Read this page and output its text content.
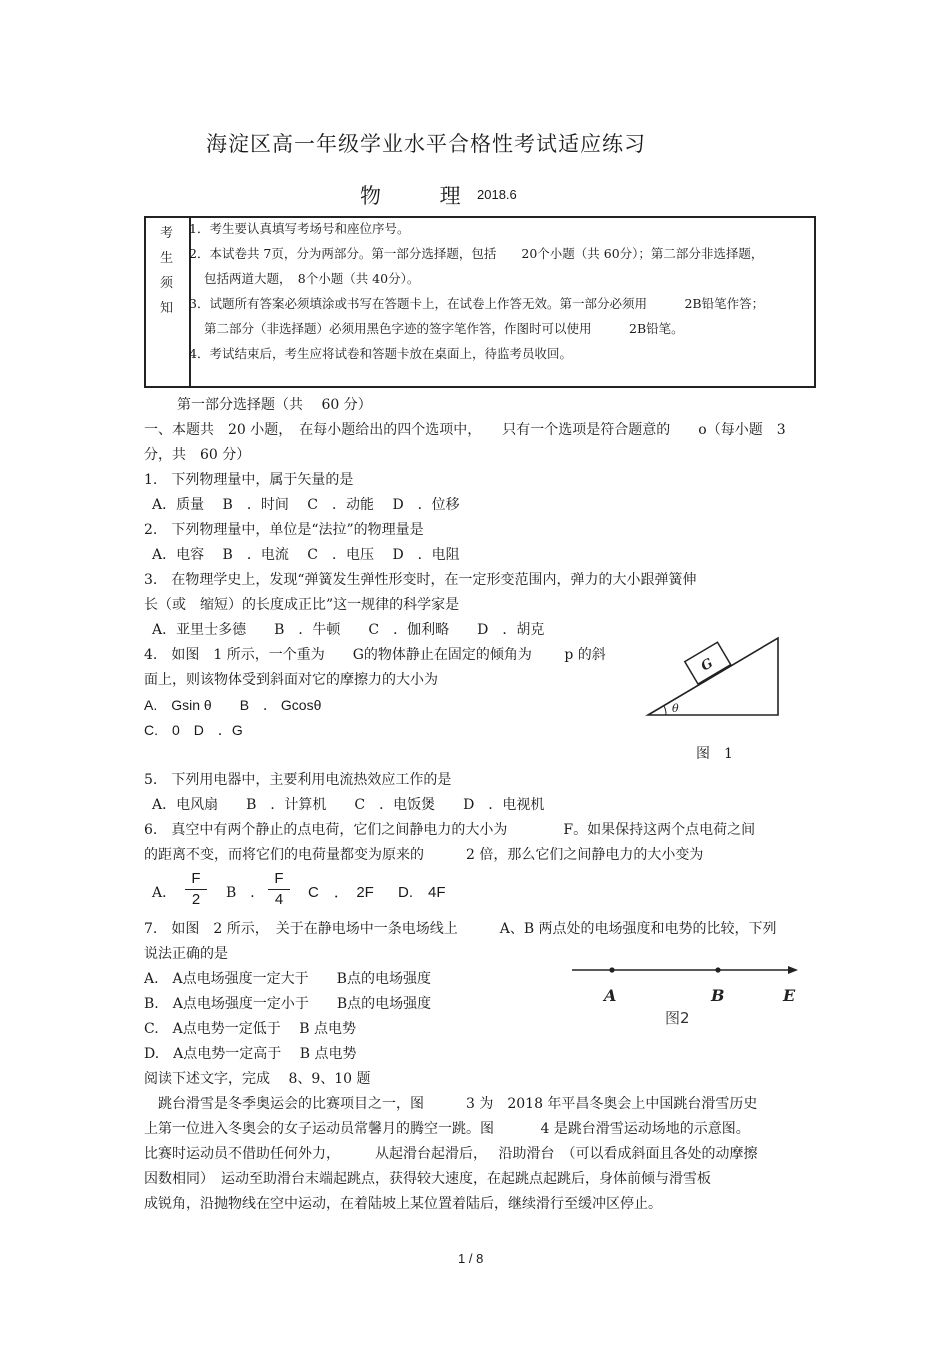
海淀区高一年级学业水平合格性考试适应练习
物 理
2018.6
考
生
须
知
1．考生要认真填写考场号和座位序号。
2．本试卷共 7页，分为两部分。第一部分选择题，包括　　20个小题（共 60分）；第二部分非选择题，
包括两道大题，　8个小题（共 40分）。
3．试题所有答案必须填涂或书写在答题卡上，在试卷上作答无效。第一部分必须用　　　2B铅笔作答；
第二部分（非选择题）必须用黑色字迹的签字笔作答，作图时可以使用　　　2B铅笔。
4．考试结束后，考生应将试卷和答题卡放在桌面上，待监考员收回。
第一部分选择题（共　 60 分）
一、本题共　20 小题，　在每小题给出的四个选项中，　　只有一个选项是符合题意的　　o（每小题　3
分，共　60 分）
1.　下列物理量中，属于矢量的是
A．质量　 B　．时间　 C　．动能　 D　．位移
2.　下列物理量中，单位是“法拉”的物理量是
A．电容　 B　．电流　 C　．电压　 D　．电阻
3.　在物理学史上，发现“弹簧发生弹性形变时，在一定形变范围内，弹力的大小跟弹簧伸
长（或　缩短）的长度成正比”这一规律的科学家是
A．亚里士多德　　B　．牛顿　　C　．伽利略　　D　．胡克
4.　如图　1 所示，一个重为　　G的物体静止在固定的倾角为　　 p 的斜
面上，则该物体受到斜面对它的摩擦力的大小为
A.　Gsin θ　　B　． Gcosθ
C.　0　D　．G
G
θ
图　1
5.　下列用电器中，主要利用电流热效应工作的是
A．电风扇　　B　．计算机　　C　．电饭煲　　D　．电视机
6.　真空中有两个静止的点电荷，它们之间静电力的大小为　　　　F。如果保持这两个点电荷之间
的距离不变，而将它们的电荷量都变为原来的　　　2 倍，那么它们之间静电力的大小变为
A．
F
2	B　．
F
4	C　．　2F D.　4F
7.　如图　2 所示，　关于在静电场中一条电场线上　　　A、B 两点处的电场强度和电势的比较，下列
说法正确的是
A.　A点电场强度一定大于　　B点的电场强度
B.　A点电场强度一定小于　　B点的电场强度
C.　A点电势一定低于　 B 点电势
D.　A点电势一定高于　 B 点电势
A	B	E
图2
阅读下述文字，完成　 8、9、10 题
　跳台滑雪是冬季奥运会的比赛项目之一，图　　　3 为　2018 年平昌冬奥会上中国跳台滑雪历史
上第一位进入冬奥会的女子运动员常馨月的腾空一跳。图　　　 4 是跳台滑雪运动场地的示意图。
比赛时运动员不借助任何外力，　　　从起滑台起滑后，　 沿助滑台　（可以看成斜面且各处的动摩擦
因数相同）　运动至助滑台末端起跳点，获得较大速度，在起跳点起跳后，身体前倾与滑雪板
成锐角，沿抛物线在空中运动，在着陆坡上某位置着陆后，继续滑行至缓冲区停止。
1 / 8
